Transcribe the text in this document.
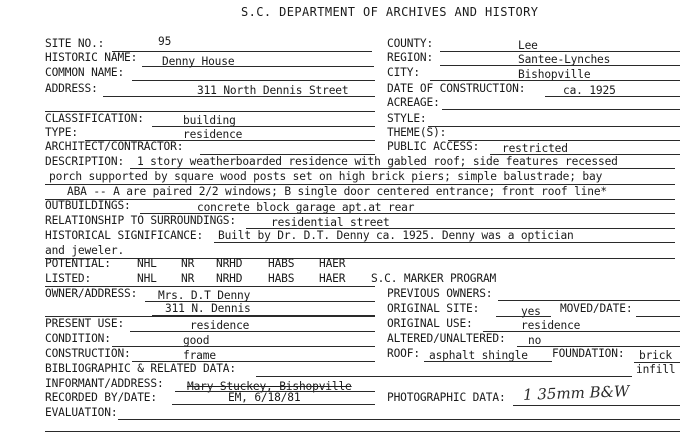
S.C. DEPARTMENT OF ARCHIVES AND HISTORY
SITE NO.:	95	COUNTY:	Lee
HISTORIC NAME: Denny House	REGION:	Santee-Lynches
COMMON NAME:	CITY:	Bishopville
ADDRESS:	311 North Dennis Street	DATE OF CONSTRUCTION:	ca. 1925
ACREAGE:
CLASSIFICATION:	building	STYLE:
TYPE:	residence	THEME(S):
ARCHITECT/CONTRACTOR:	PUBLIC ACCESS: restricted
DESCRIPTION: 1 story weatherboarded residence with gabled roof; side features recessed
porch supported by square wood posts set on high brick piers; simple balustrade; bay
ABA -- A are paired 2/2 windows; B single door centered entrance; front roof line*
OUTBUILDINGS:	concrete block garage apt.at rear
RELATIONSHIP TO SURROUNDINGS:	residential street
HISTORICAL SIGNIFICANCE: Built by Dr. D.T. Denny ca. 1925. Denny was a optician
and jeweler.
POTENTIAL: NHL NR NRHD HABS HAER
LISTED:	NHL NR NRHD HABS HAER S.C. MARKER PROGRAM
OWNER/ADDRESS: Mrs. D.T Denny
311 N. Dennis
PREVIOUS OWNERS:
ORIGINAL SITE:	yes MOVED/DATE:
PRESENT USE:	residence	ORIGINAL USE:	residence
CONDITION:	good	ALTERED/UNALTERED: no
CONSTRUCTION:	frame	ROOF: asphalt shingle FOUNDATION: brick
BIBLIOGRAPHIC & RELATED DATA:	infill
INFORMANT/ADDRESS: Mary Stuckey, Bishopville
RECORDED BY/DATE:	EM, 6/18/81	PHOTOGRAPHIC DATA: 1 35mm B&W
EVALUATION:
